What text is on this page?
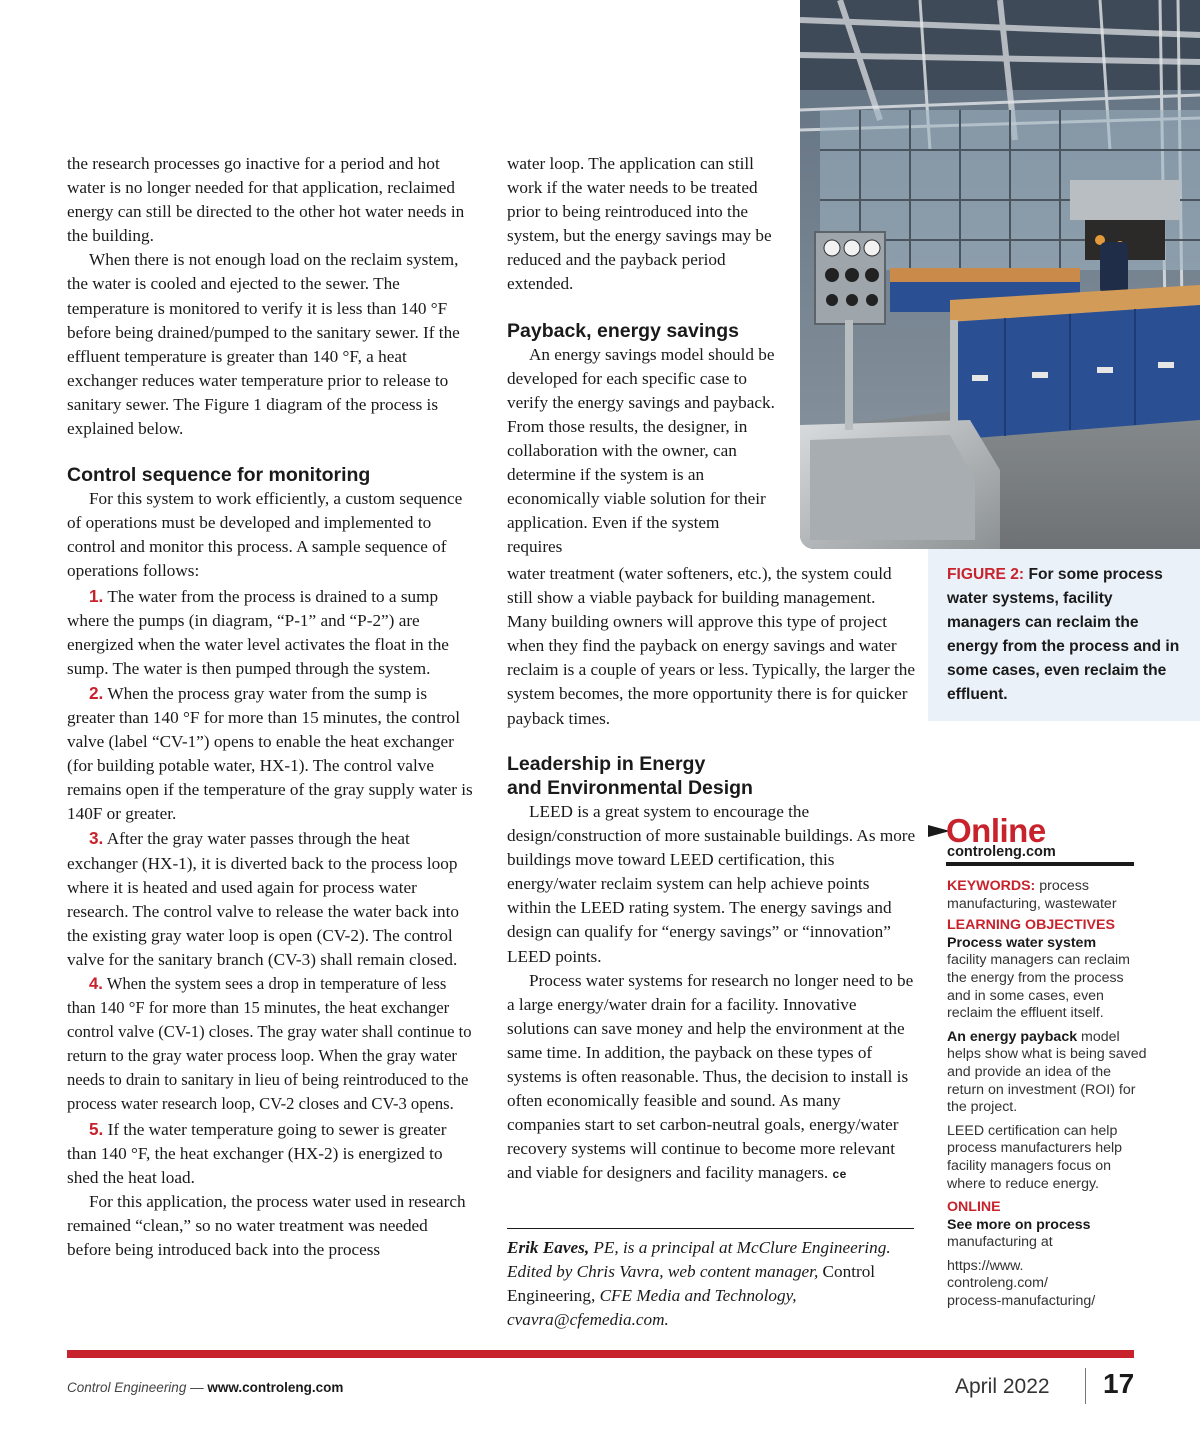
the research processes go inactive for a period and hot water is no longer needed for that application, reclaimed energy can still be directed to the other hot water needs in the building.

When there is not enough load on the reclaim system, the water is cooled and ejected to the sewer. The temperature is monitored to verify it is less than 140 °F before being drained/pumped to the sanitary sewer. If the effluent temperature is greater than 140 °F, a heat exchanger reduces water temperature prior to release to sanitary sewer. The Figure 1 diagram of the process is explained below.

Control sequence for monitoring

For this system to work efficiently, a custom sequence of operations must be developed and implemented to control and monitor this process. A sample sequence of operations follows:

1. The water from the process is drained to a sump where the pumps (in diagram, “P-1” and “P-2”) are energized when the water level activates the float in the sump. The water is then pumped through the system.

2. When the process gray water from the sump is greater than 140 °F for more than 15 minutes, the control valve (label “CV-1”) opens to enable the heat exchanger (for building potable water, HX-1). The control valve remains open if the temperature of the gray supply water is 140F or greater.

3. After the gray water passes through the heat exchanger (HX-1), it is diverted back to the process loop where it is heated and used again for process water research. The control valve to release the water back into the existing gray water loop is open (CV-2). The control valve for the sanitary branch (CV-3) shall remain closed.

4. When the system sees a drop in temperature of less than 140 °F for more than 15 minutes, the heat exchanger control valve (CV-1) closes. The gray water shall continue to return to the gray water process loop. When the gray water needs to drain to sanitary in lieu of being reintroduced to the process water research loop, CV-2 closes and CV-3 opens.

5. If the water temperature going to sewer is greater than 140 °F, the heat exchanger (HX-2) is energized to shed the heat load.

For this application, the process water used in research remained “clean,” so no water treatment was needed before being introduced back into the process

water loop. The application can still work if the water needs to be treated prior to being reintroduced into the system, but the energy savings may be reduced and the payback period extended.

Payback, energy savings

An energy savings model should be developed for each specific case to verify the energy savings and payback. From those results, the designer, in collaboration with the owner, can determine if the system is an economically viable solution for their application. Even if the system requires

water treatment (water softeners, etc.), the system could still show a viable payback for building management. Many building owners will approve this type of project when they find the payback on energy savings and water reclaim is a couple of years or less. Typically, the larger the system becomes, the more opportunity there is for quicker payback times.

Leadership in Energy
and Environmental Design

LEED is a great system to encourage the design/construction of more sustainable buildings. As more buildings move toward LEED certification, this energy/water reclaim system can help achieve points within the LEED rating system. The energy savings and design can qualify for “energy savings” or “innovation” LEED points.

Process water systems for research no longer need to be a large energy/water drain for a facility. Innovative solutions can save money and help the environment at the same time. In addition, the payback on these types of systems is often reasonable. Thus, the decision to install is often economically feasible and sound. As many companies start to set carbon-neutral goals, energy/water recovery systems will continue to become more relevant and viable for designers and facility managers. ce

Erik Eaves, PE, is a principal at McClure Engineering. Edited by Chris Vavra, web content manager, Control Engineering, CFE Media and Technology, cvavra@cfemedia.com.

FIGURE 2: For some process water systems, facility managers can reclaim the energy from the process and in some cases, even reclaim the effluent.

Online
controleng.com

KEYWORDS: process manufacturing, wastewater

LEARNING OBJECTIVES

Process water system
facility managers can reclaim the energy from the process and in some cases, even reclaim the effluent itself.

An energy payback model helps show what is being saved and provide an idea of the return on investment (ROI) for the project.

LEED certification can help process manufacturers help facility managers focus on where to reduce energy.

ONLINE

See more on process
manufacturing at

https://www.
controleng.com/
process-manufacturing/

Control Engineering — www.controleng.com	April 2022 17
